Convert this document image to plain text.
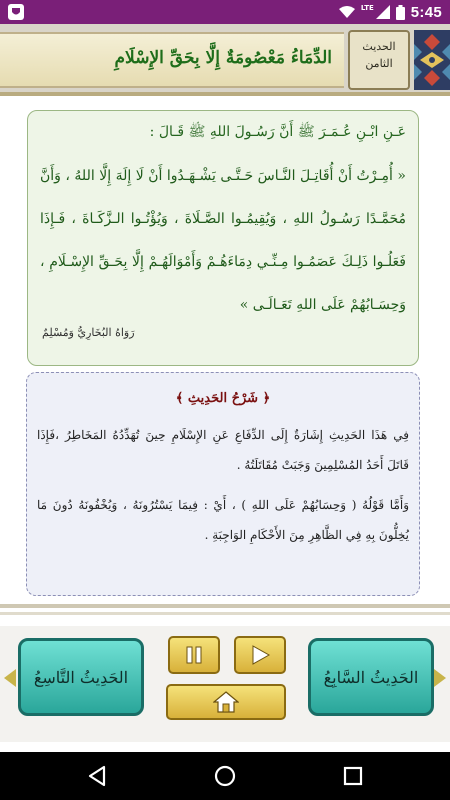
LTE 5:45
الدِّمَاءُ مَعْصُومَةٌ إِلَّا بِحَقِّ الإِسْلَامِ
الحديث
الثامن
عَـنِ ابْـنِ عُـمَـرَ ﷺ أَنَّ رَسُـولَ اللهِ ﷺ قَـالَ :
« أُمِـرْتُ أَنْ أُقَاتِـلَ النَّـاسَ حَـتَّـى يَشْـهَـدُوا أَنْ لَا إِلَهَ إِلَّا اللهُ ، وَأَنَّ مُحَمَّـدًا رَسُـولُ اللهِ ، وَيُقِيمُـوا الصَّـلَاةَ ، وَيُؤْتُـوا الـزَّكَـاةَ ، فَـإِذَا فَعَلُـوا ذَلِـكَ عَصَمُـوا مِـنِّـي دِمَاءَهُـمْ وَأَمْوَالَهُـمْ إِلَّا بِحَـقِّ الإِسْـلَامِ ، وَحِسَـابُهُمْ عَلَى اللهِ تَعَـالَـى »
رَوَاهُ البُخَارِيُّ وَمُسْلِمٌ
﴿ شَرْحُ الحَدِيثِ ﴾
فِي هَذَا الحَدِيثِ إِشَارَةٌ إِلَى الدِّفَاعِ عَنِ الإِسْلَامِ حِينَ تُهَدِّدُهُ المَخَاطِرُ ،فَإِذَا قَاتَلَ أَحَدُ المُسْلِمِينَ وَجَبَتْ مُقَاتَلَتُهُ .
وَأَمَّا قَوْلُهُ ( وَحِسَابُهُمْ عَلَى اللهِ ) ، أَيْ : فِيمَا يَسْتُرُونَهُ ، وَيُخْفُونَهُ دُونَ مَا يُخِلُّونَ بِهِ فِي الظَّاهِرِ مِنَ الأَحْكَامِ الوَاجِبَةِ .
الحَدِيثُ التَّاسِعُ	الحَدِيثُ السَّابِعُ
